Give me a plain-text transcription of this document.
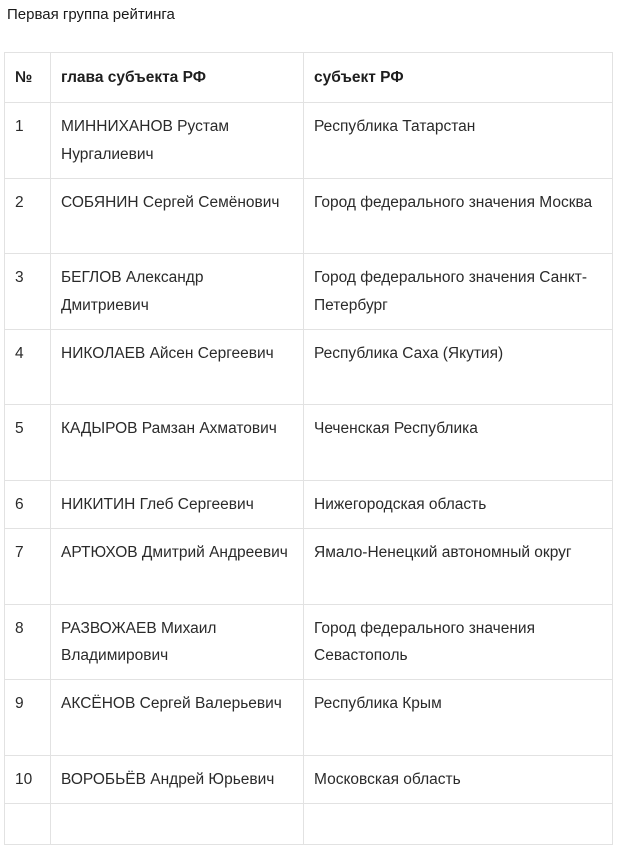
Первая группа рейтинга
№	глава субъекта РФ	субъект РФ
1	МИННИХАНОВ Рустам Нургалиевич	Республика Татарстан
2	СОБЯНИН Сергей Семёнович	Город федерального значения Москва
3	БЕГЛОВ Александр Дмитриевич	Город федерального значения Санкт-Петербург
4	НИКОЛАЕВ Айсен Сергеевич	Республика Саха (Якутия)
5	КАДЫРОВ Рамзан Ахматович	Чеченская Республика
6	НИКИТИН Глеб Сергеевич	Нижегородская область
7	АРТЮХОВ Дмитрий Андреевич	Ямало-Ненецкий автономный округ
8	РАЗВОЖАЕВ Михаил Владимирович	Город федерального значения Севастополь
9	АКСЁНОВ Сергей Валерьевич	Республика Крым
10	ВОРОБЬЁВ Андрей Юрьевич	Московская область
